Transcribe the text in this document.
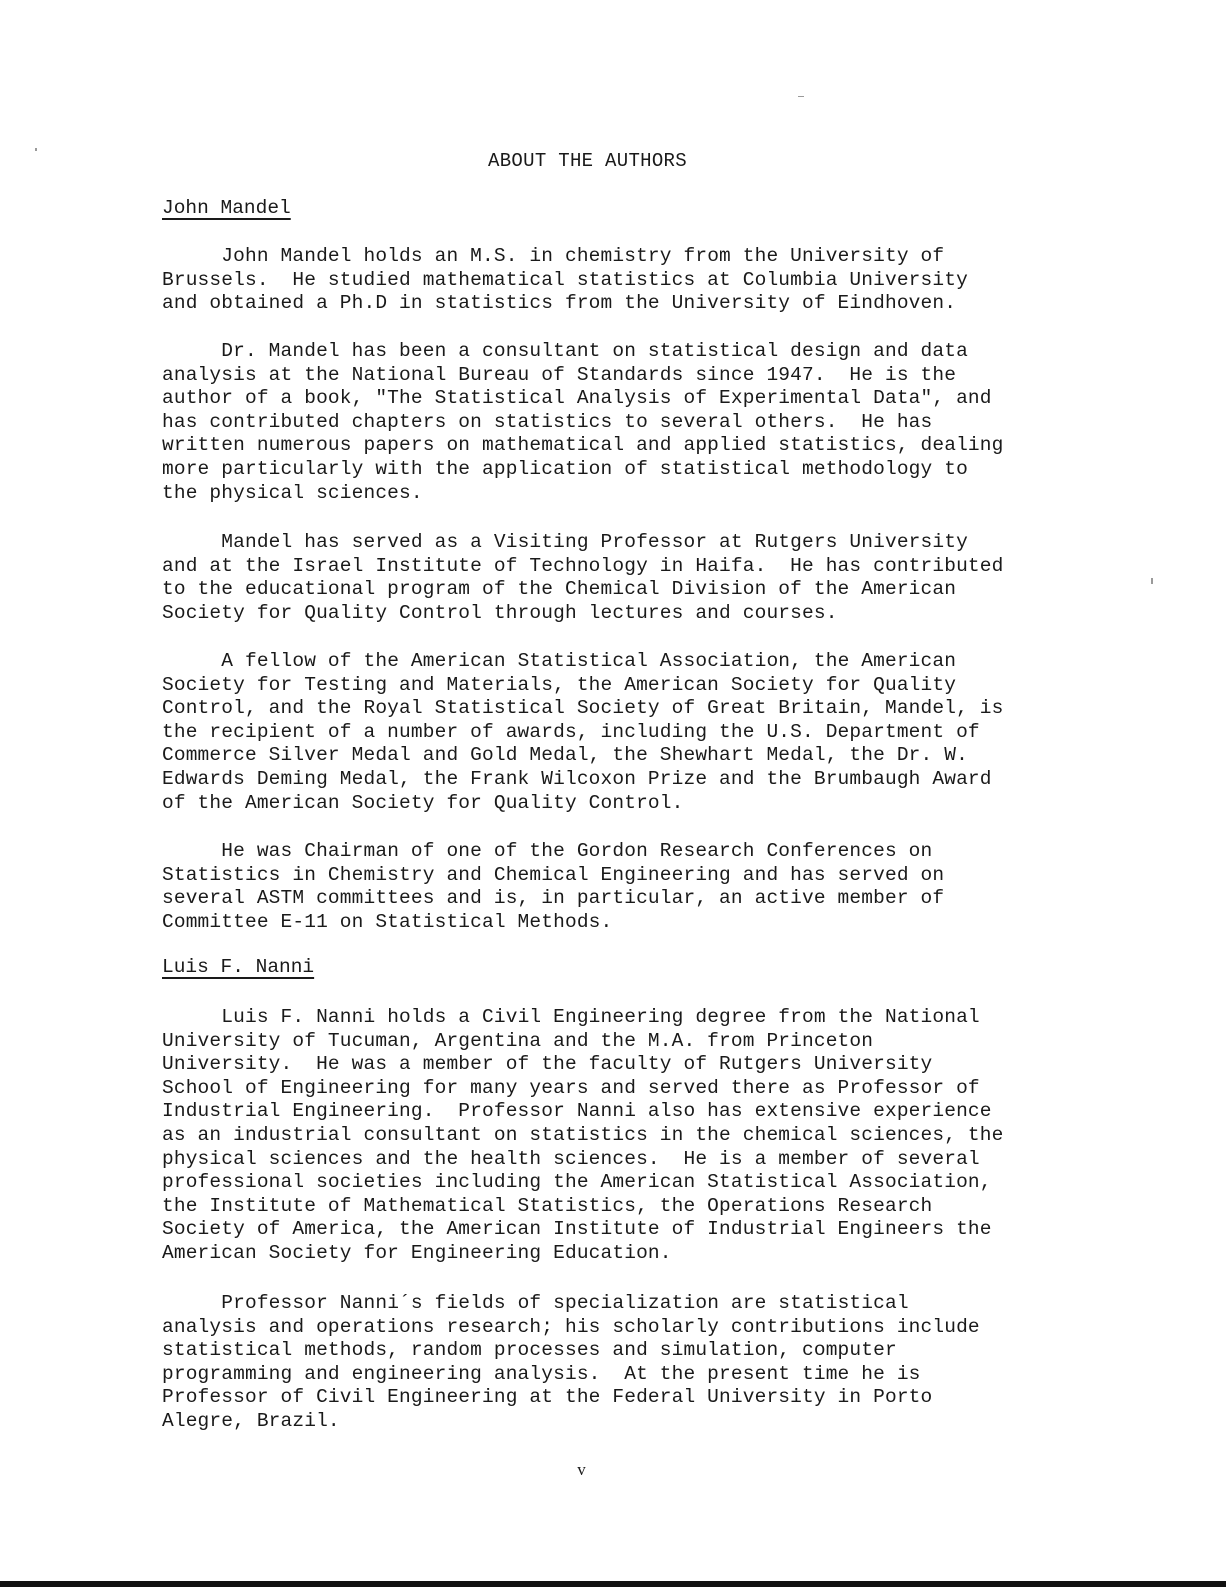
ABOUT THE AUTHORS
John Mandel
John Mandel holds an M.S. in chemistry from the University of
Brussels.  He studied mathematical statistics at Columbia University
and obtained a Ph.D in statistics from the University of Eindhoven.
Dr. Mandel has been a consultant on statistical design and data
analysis at the National Bureau of Standards since 1947.  He is the
author of a book, "The Statistical Analysis of Experimental Data", and
has contributed chapters on statistics to several others.  He has
written numerous papers on mathematical and applied statistics, dealing
more particularly with the application of statistical methodology to
the physical sciences.
Mandel has served as a Visiting Professor at Rutgers University
and at the Israel Institute of Technology in Haifa.  He has contributed
to the educational program of the Chemical Division of the American
Society for Quality Control through lectures and courses.
A fellow of the American Statistical Association, the American
Society for Testing and Materials, the American Society for Quality
Control, and the Royal Statistical Society of Great Britain, Mandel, is
the recipient of a number of awards, including the U.S. Department of
Commerce Silver Medal and Gold Medal, the Shewhart Medal, the Dr. W.
Edwards Deming Medal, the Frank Wilcoxon Prize and the Brumbaugh Award
of the American Society for Quality Control.
He was Chairman of one of the Gordon Research Conferences on
Statistics in Chemistry and Chemical Engineering and has served on
several ASTM committees and is, in particular, an active member of
Committee E-11 on Statistical Methods.
Luis F. Nanni
Luis F. Nanni holds a Civil Engineering degree from the National
University of Tucuman, Argentina and the M.A. from Princeton
University.  He was a member of the faculty of Rutgers University
School of Engineering for many years and served there as Professor of
Industrial Engineering.  Professor Nanni also has extensive experience
as an industrial consultant on statistics in the chemical sciences, the
physical sciences and the health sciences.  He is a member of several
professional societies including the American Statistical Association,
the Institute of Mathematical Statistics, the Operations Research
Society of America, the American Institute of Industrial Engineers the
American Society for Engineering Education.
Professor Nanni´s fields of specialization are statistical
analysis and operations research; his scholarly contributions include
statistical methods, random processes and simulation, computer
programming and engineering analysis.  At the present time he is
Professor of Civil Engineering at the Federal University in Porto
Alegre, Brazil.
v
